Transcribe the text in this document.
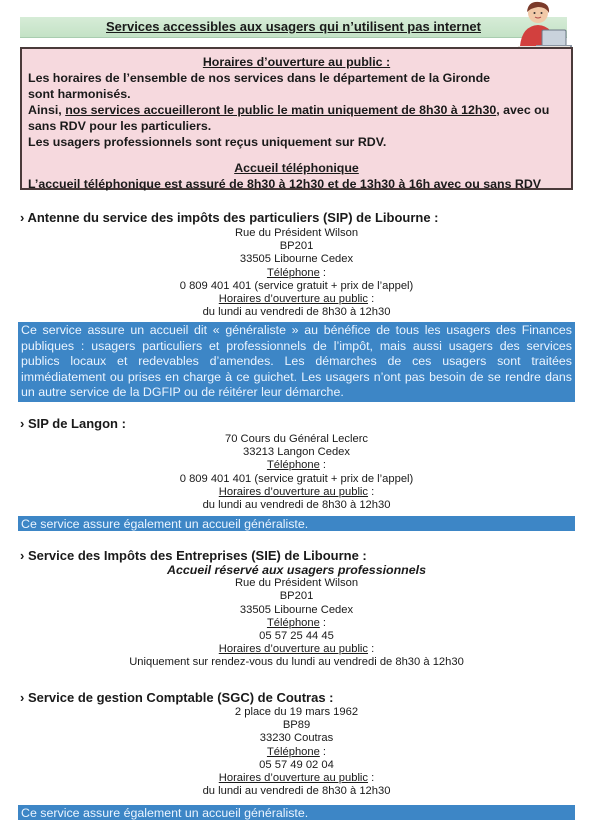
Services accessibles aux usagers qui n’utilisent pas internet
Horaires d’ouverture au public :
Les horaires de l’ensemble de nos services dans le département de la Gironde
sont harmonisés.
Ainsi, nos services accueilleront le public le matin uniquement de 8h30 à 12h30, avec ou
sans RDV pour les particuliers.
Les usagers professionnels sont reçus uniquement sur RDV.
Accueil téléphonique
L’accueil téléphonique est assuré de 8h30 à 12h30 et de 13h30 à 16h avec ou sans RDV
› Antenne du service des impôts des particuliers (SIP) de Libourne :
Rue du Président Wilson
BP201
33505 Libourne Cedex
Téléphone :
0 809 401 401 (service gratuit + prix de l’appel)
Horaires d’ouverture au public :
du lundi au vendredi de 8h30 à 12h30
Ce service assure un accueil dit « généraliste » au bénéfice de tous les usagers des Finances publiques : usagers particuliers et professionnels de l’impôt, mais aussi usagers des services publics locaux et redevables d’amendes. Les démarches de ces usagers sont traitées immédiatement ou prises en charge à ce guichet. Les usagers n’ont pas besoin de se rendre dans un autre service de la DGFIP ou de réitérer leur démarche.
› SIP de Langon :
70 Cours du Général Leclerc
33213 Langon Cedex
Téléphone :
0 809 401 401 (service gratuit + prix de l’appel)
Horaires d’ouverture au public :
du lundi au vendredi de 8h30 à 12h30
Ce service assure également un accueil généraliste.
› Service des Impôts des Entreprises (SIE) de Libourne :
Accueil réservé aux usagers professionnels
Rue du Président Wilson
BP201
33505 Libourne Cedex
Téléphone :
05 57 25 44 45
Horaires d’ouverture au public :
Uniquement sur rendez-vous du lundi au vendredi de 8h30 à 12h30
› Service de gestion Comptable (SGC) de Coutras :
2 place du 19 mars 1962
BP89
33230 Coutras
Téléphone :
05 57 49 02 04
Horaires d’ouverture au public :
du lundi au vendredi de 8h30 à 12h30
Ce service assure également un accueil généraliste.
